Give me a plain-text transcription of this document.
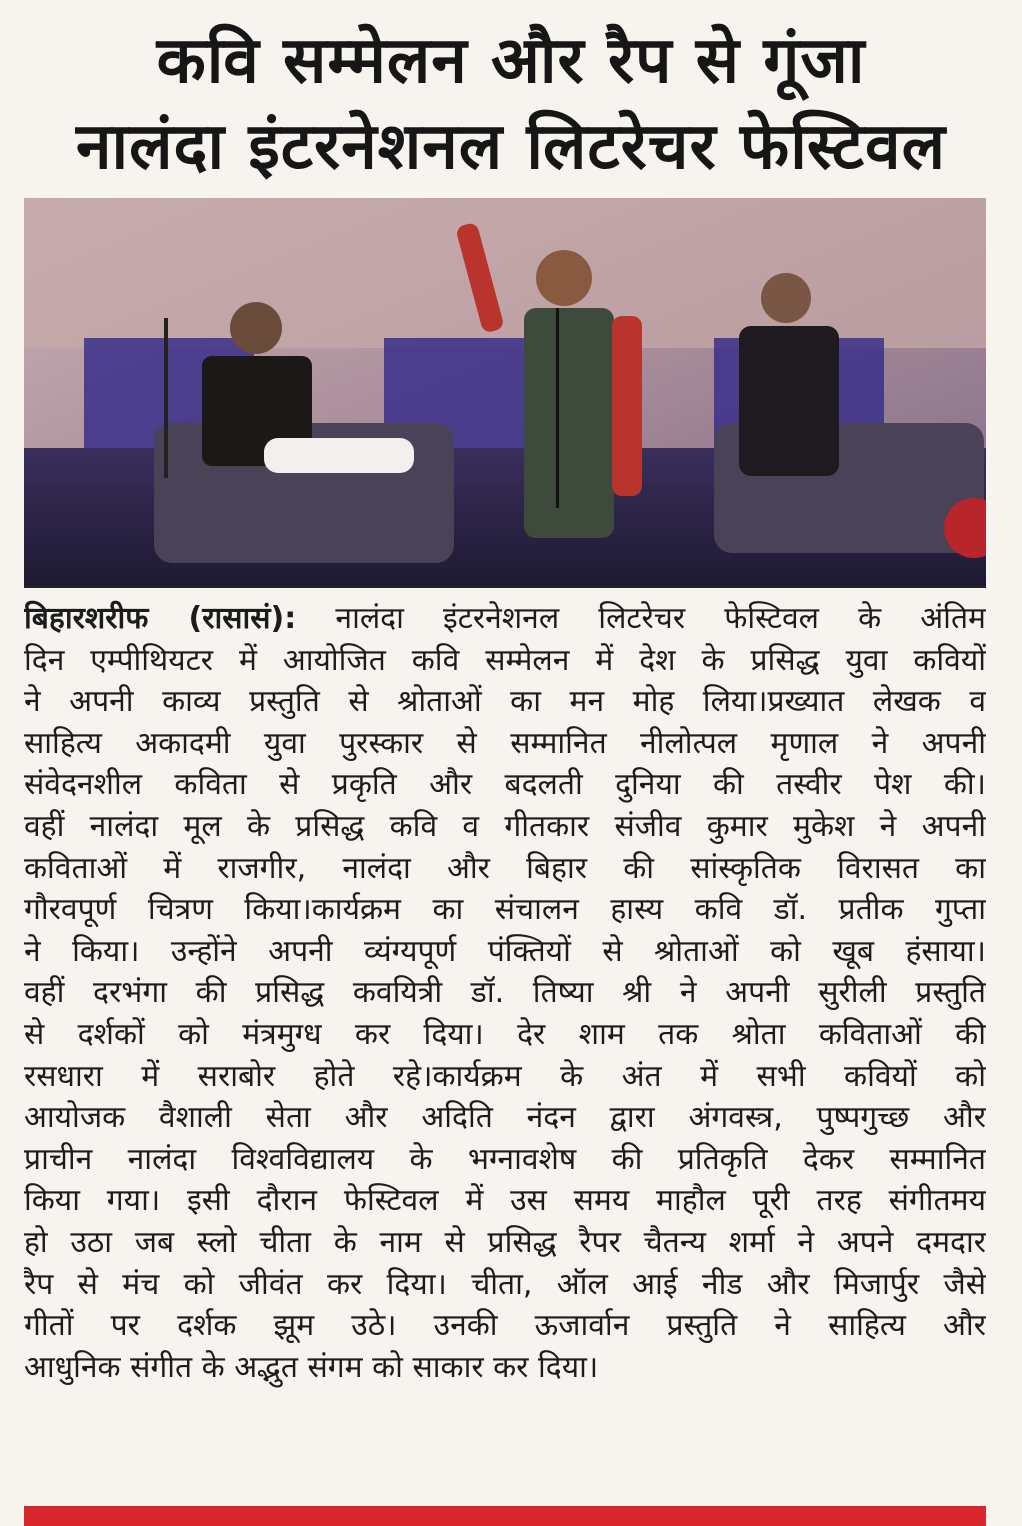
कवि सम्मेलन और रैप से गूंजा
नालंदा इंटरनेशनल लिटरेचर फेस्टिवल
बिहारशरीफ (रासासं): नालंदा इंटरनेशनल लिटरेचर फेस्टिवल के अंतिम
दिन एम्पीथियटर में आयोजित कवि सम्मेलन में देश के प्रसिद्ध युवा कवियों
ने अपनी काव्य प्रस्तुति से श्रोताओं का मन मोह लिया।प्रख्यात लेखक व
साहित्य अकादमी युवा पुरस्कार से सम्मानित नीलोत्पल मृणाल ने अपनी
संवेदनशील कविता से प्रकृति और बदलती दुनिया की तस्वीर पेश की।
वहीं नालंदा मूल के प्रसिद्ध कवि व गीतकार संजीव कुमार मुकेश ने अपनी
कविताओं में राजगीर, नालंदा और बिहार की सांस्कृतिक विरासत का
गौरवपूर्ण चित्रण किया।कार्यक्रम का संचालन हास्य कवि डॉ. प्रतीक गुप्ता
ने किया। उन्होंने अपनी व्यंग्यपूर्ण पंक्तियों से श्रोताओं को खूब हंसाया।
वहीं दरभंगा की प्रसिद्ध कवयित्री डॉ. तिष्या श्री ने अपनी सुरीली प्रस्तुति
से दर्शकों को मंत्रमुग्ध कर दिया। देर शाम तक श्रोता कविताओं की
रसधारा में सराबोर होते रहे।कार्यक्रम के अंत में सभी कवियों को
आयोजक वैशाली सेता और अदिति नंदन द्वारा अंगवस्त्र, पुष्पगुच्छ और
प्राचीन नालंदा विश्वविद्यालय के भग्नावशेष की प्रतिकृति देकर सम्मानित
किया गया। इसी दौरान फेस्टिवल में उस समय माहौल पूरी तरह संगीतमय
हो उठा जब स्लो चीता के नाम से प्रसिद्ध रैपर चैतन्य शर्मा ने अपने दमदार
रैप से मंच को जीवंत कर दिया। चीता, ऑल आई नीड और मिजार्पुर जैसे
गीतों पर दर्शक झूम उठे। उनकी ऊजार्वान प्रस्तुति ने साहित्य और
आधुनिक संगीत के अद्भुत संगम को साकार कर दिया।
